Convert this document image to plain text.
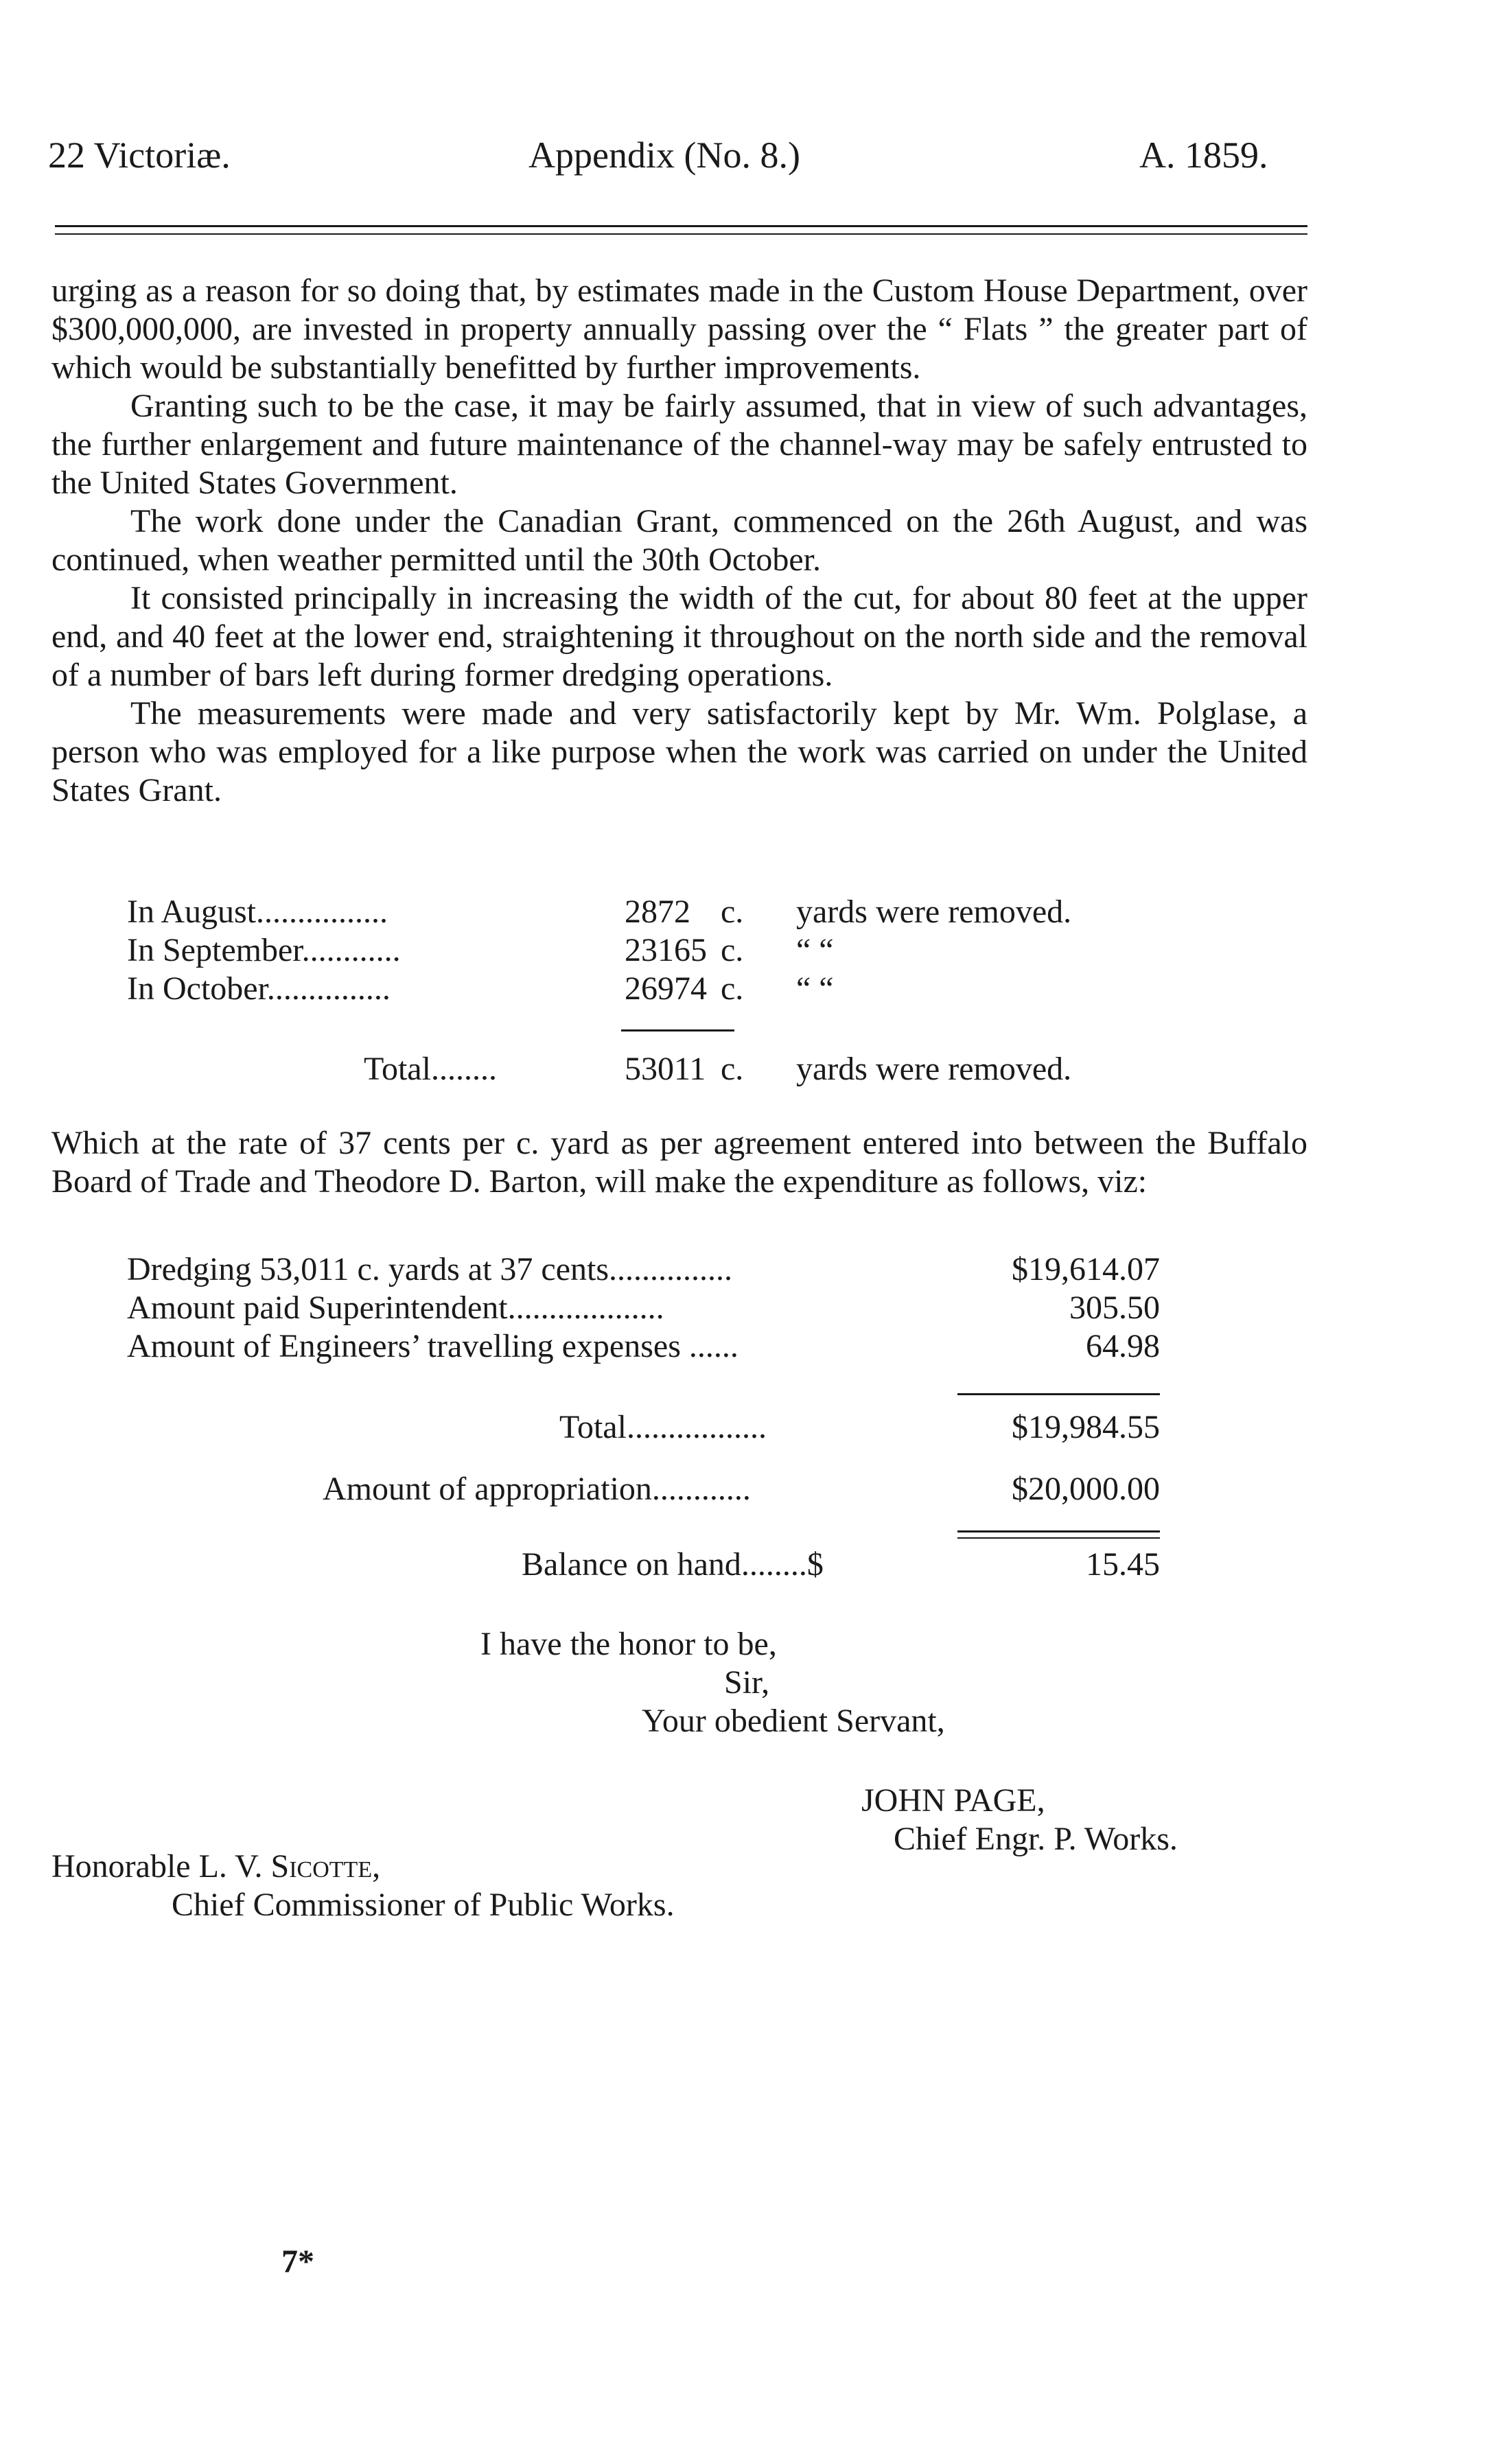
22 Victoriæ.	Appendix (No. 8.)	A. 1859.

urging as a reason for so doing that, by estimates made in the Custom House Department, over $300,000,000, are invested in property annually passing over the “ Flats ” the greater part of which would be substantially benefitted by further improvements.

Granting such to be the case, it may be fairly assumed, that in view of such advantages, the further enlargement and future maintenance of the channel-way may be safely entrusted to the United States Government.

The work done under the Canadian Grant, commenced on the 26th August, and was continued, when weather permitted until the 30th October.

It consisted principally in increasing the width of the cut, for about 80 feet at the upper end, and 40 feet at the lower end, straightening it throughout on the north side and the removal of a number of bars left during former dredging operations.

The measurements were made and very satisfactorily kept by Mr. Wm. Polglase, a person who was employed for a like purpose when the work was carried on under the United States Grant.

In August................	2872 c. yards were removed.
In September............	23165 c. “ “
In October...............	26974 c. “ “
Total........	53011 c. yards were removed.
Which at the rate of 37 cents per c. yard as per agreement entered into between the Buffalo Board of Trade and Theodore D. Barton, will make the expenditure as follows, viz:
Dredging 53,011 c. yards at 37 cents...............	$19,614.07
Amount paid Superintendent...................	305.50
Amount of Engineers’ travelling expenses ......	64.98
Total.................	$19,984.55
Amount of appropriation............	$20,000.00
Balance on hand........$	15.45
I have the honor to be,
Sir,
Your obedient Servant,
JOHN PAGE,
Chief Engr. P. Works.
Honorable L. V. Sicotte,
Chief Commissioner of Public Works.
7*
